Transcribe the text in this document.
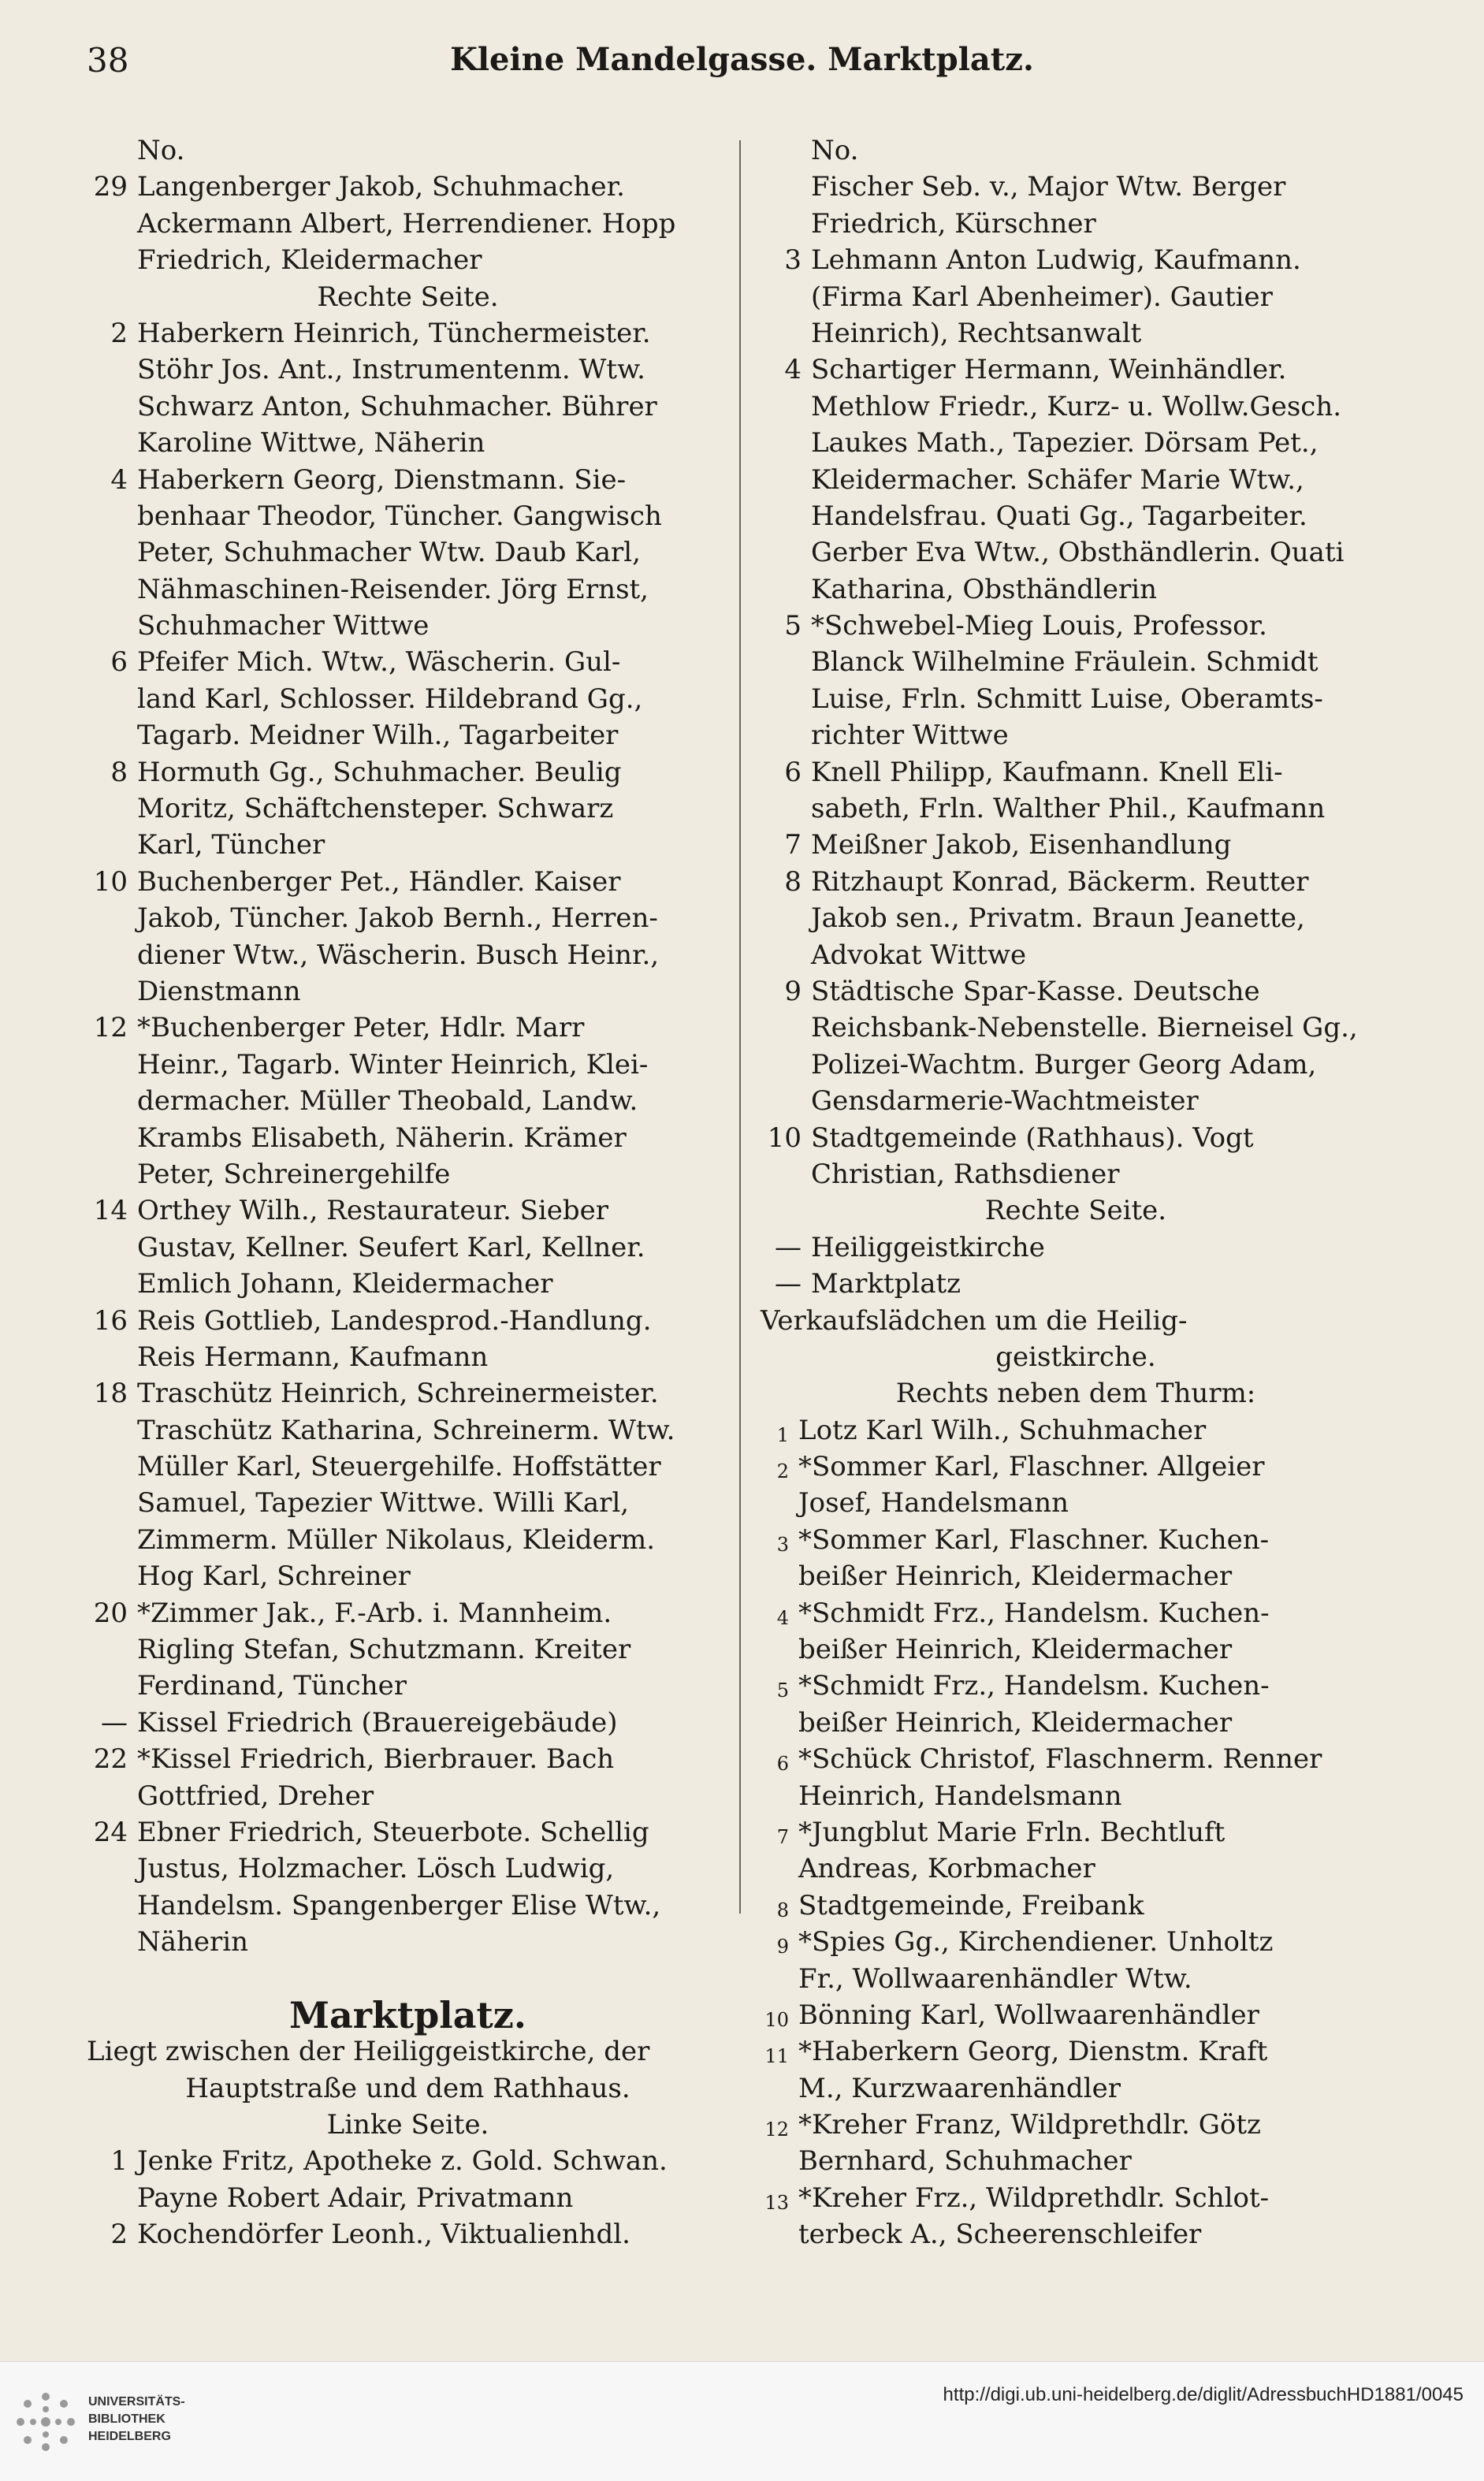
38	Kleine Mandelgasse. Marktplatz.
No.
29 Langenberger Jakob, Schuhmacher.
Ackermann Albert, Herrendiener. Hopp
Friedrich, Kleidermacher
Rechte Seite.
2 Haberkern Heinrich, Tünchermeister.
Stöhr Jos. Ant., Instrumentenm. Wtw.
Schwarz Anton, Schuhmacher. Bührer
Karoline Wittwe, Näherin
4 Haberkern Georg, Dienstmann. Sie-
benhaar Theodor, Tüncher. Gangwisch
Peter, Schuhmacher Wtw. Daub Karl,
Nähmaschinen-Reisender. Jörg Ernst,
Schuhmacher Wittwe
6 Pfeifer Mich. Wtw., Wäscherin. Gul-
land Karl, Schlosser. Hildebrand Gg.,
Tagarb. Meidner Wilh., Tagarbeiter
8 Hormuth Gg., Schuhmacher. Beulig
Moritz, Schäftchensteper. Schwarz
Karl, Tüncher
10 Buchenberger Pet., Händler. Kaiser
Jakob, Tüncher. Jakob Bernh., Herren-
diener Wtw., Wäscherin. Busch Heinr.,
Dienstmann
12 *Buchenberger Peter, Hdlr. Marr
Heinr., Tagarb. Winter Heinrich, Klei-
dermacher. Müller Theobald, Landw.
Krambs Elisabeth, Näherin. Krämer
Peter, Schreinergehilfe
14 Orthey Wilh., Restaurateur. Sieber
Gustav, Kellner. Seufert Karl, Kellner.
Emlich Johann, Kleidermacher
16 Reis Gottlieb, Landesprod.-Handlung.
Reis Hermann, Kaufmann
18 Traschütz Heinrich, Schreinermeister.
Traschütz Katharina, Schreinerm. Wtw.
Müller Karl, Steuergehilfe. Hoffstätter
Samuel, Tapezier Wittwe. Willi Karl,
Zimmerm. Müller Nikolaus, Kleiderm.
Hog Karl, Schreiner
20 *Zimmer Jak., F.-Arb. i. Mannheim.
Rigling Stefan, Schutzmann. Kreiter
Ferdinand, Tüncher
— Kissel Friedrich (Brauereigebäude)
22 *Kissel Friedrich, Bierbrauer. Bach
Gottfried, Dreher
24 Ebner Friedrich, Steuerbote. Schellig
Justus, Holzmacher. Lösch Ludwig,
Handelsm. Spangenberger Elise Wtw.,
Näherin
Marktplatz.
Liegt zwischen der Heiliggeistkirche, der
Hauptstraße und dem Rathhaus.
Linke Seite.
1 Jenke Fritz, Apotheke z. Gold. Schwan.
Payne Robert Adair, Privatmann
2 Kochendörfer Leonh., Viktualienhdl.
No.
Fischer Seb. v., Major Wtw. Berger
Friedrich, Kürschner
3 Lehmann Anton Ludwig, Kaufmann.
(Firma Karl Abenheimer). Gautier
Heinrich), Rechtsanwalt
4 Schartiger Hermann, Weinhändler.
Methlow Friedr., Kurz- u. Wollw.Gesch.
Laukes Math., Tapezier. Dörsam Pet.,
Kleidermacher. Schäfer Marie Wtw.,
Handelsfrau. Quati Gg., Tagarbeiter.
Gerber Eva Wtw., Obsthändlerin. Quati
Katharina, Obsthändlerin
5 *Schwebel-Mieg Louis, Professor.
Blanck Wilhelmine Fräulein. Schmidt
Luise, Frln. Schmitt Luise, Oberamts-
richter Wittwe
6 Knell Philipp, Kaufmann. Knell Eli-
sabeth, Frln. Walther Phil., Kaufmann
7 Meißner Jakob, Eisenhandlung
8 Ritzhaupt Konrad, Bäckerm. Reutter
Jakob sen., Privatm. Braun Jeanette,
Advokat Wittwe
9 Städtische Spar-Kasse. Deutsche
Reichsbank-Nebenstelle. Bierneisel Gg.,
Polizei-Wachtm. Burger Georg Adam,
Gensdarmerie-Wachtmeister
10 Stadtgemeinde (Rathhaus). Vogt
Christian, Rathsdiener
Rechte Seite.
— Heiliggeistkirche
— Marktplatz
Verkaufslädchen um die Heilig-
geistkirche.
Rechts neben dem Thurm:
1 Lotz Karl Wilh., Schuhmacher
2 *Sommer Karl, Flaschner. Allgeier
Josef, Handelsmann
3 *Sommer Karl, Flaschner. Kuchen-
beißer Heinrich, Kleidermacher
4 *Schmidt Frz., Handelsm. Kuchen-
beißer Heinrich, Kleidermacher
5 *Schmidt Frz., Handelsm. Kuchen-
beißer Heinrich, Kleidermacher
6 *Schück Christof, Flaschnerm. Renner
Heinrich, Handelsmann
7 *Jungblut Marie Frln. Bechtluft
Andreas, Korbmacher
8 Stadtgemeinde, Freibank
9 *Spies Gg., Kirchendiener. Unholtz
Fr., Wollwaarenhändler Wtw.
10 Bönning Karl, Wollwaarenhändler
11 *Haberkern Georg, Dienstm. Kraft
M., Kurzwaarenhändler
12 *Kreher Franz, Wildprethdlr. Götz
Bernhard, Schuhmacher
13 *Kreher Frz., Wildprethdlr. Schlot-
terbeck A., Scheerenschleifer
UNIVERSITÄTS-
BIBLIOTHEK
HEIDELBERG
http://digi.ub.uni-heidelberg.de/diglit/AdressbuchHD1881/0045
